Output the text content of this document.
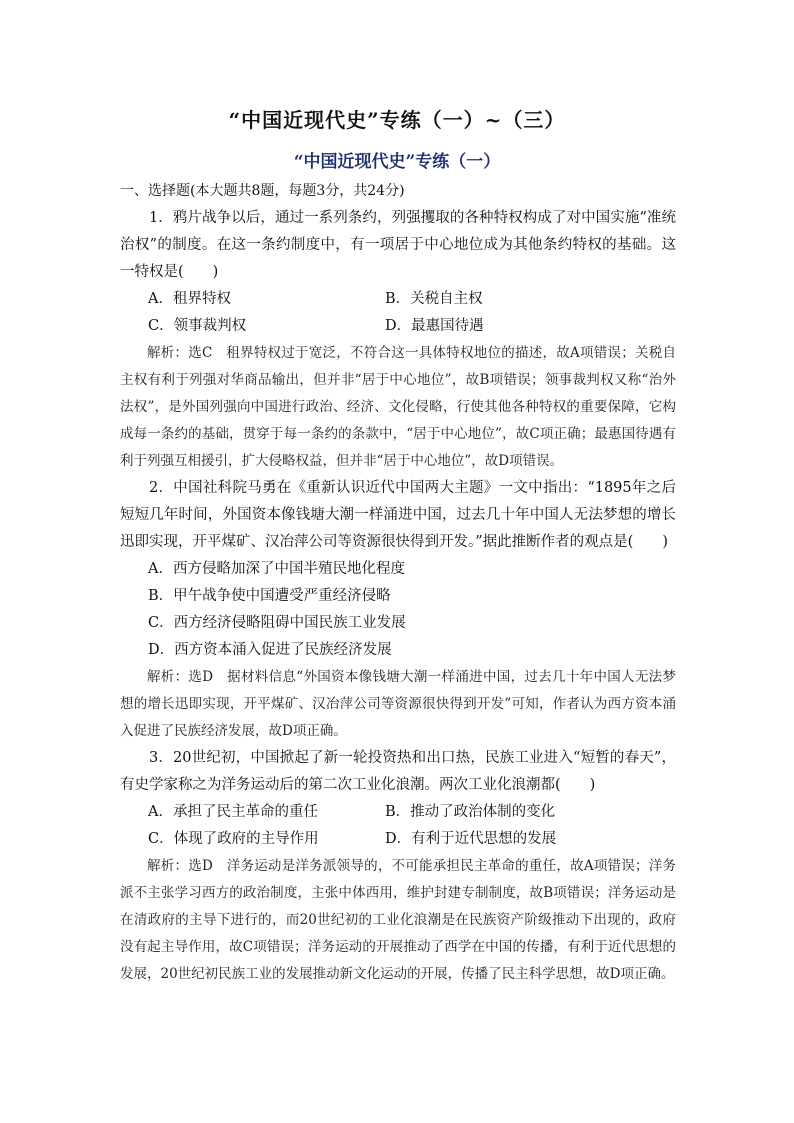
“中国近现代史”专练（一）~（三）
“中国近现代史”专练（一）

一、选择题(本大题共8题，每题3分，共24分)

1．鸦片战争以后，通过一系列条约，列强攫取的各种特权构成了对中国实施“准统治权”的制度。在这一条约制度中，有一项居于中心地位成为其他条约特权的基础。这一特权是(　　)

A．租界特权	B．关税自主权
C．领事裁判权	D．最惠国待遇

解析：选C　租界特权过于宽泛，不符合这一具体特权地位的描述，故A项错误；关税自主权有利于列强对华商品输出，但并非“居于中心地位”，故B项错误；领事裁判权又称“治外法权”，是外国列强向中国进行政治、经济、文化侵略，行使其他各种特权的重要保障，它构成每一条约的基础，贯穿于每一条约的条款中，“居于中心地位”，故C项正确；最惠国待遇有利于列强互相援引，扩大侵略权益，但并非“居于中心地位”，故D项错误。

2．中国社科院马勇在《重新认识近代中国两大主题》一文中指出：“1895年之后短短几年时间，外国资本像钱塘大潮一样涌进中国，过去几十年中国人无法梦想的增长迅即实现，开平煤矿、汉冶萍公司等资源很快得到开发。”据此推断作者的观点是(　　)

A．西方侵略加深了中国半殖民地化程度

B．甲午战争使中国遭受严重经济侵略

C．西方经济侵略阻碍中国民族工业发展

D．西方资本涌入促进了民族经济发展

解析：选D　据材料信息“外国资本像钱塘大潮一样涌进中国，过去几十年中国人无法梦想的增长迅即实现，开平煤矿、汉冶萍公司等资源很快得到开发”可知，作者认为西方资本涌入促进了民族经济发展，故D项正确。

3．20世纪初，中国掀起了新一轮投资热和出口热，民族工业进入“短暂的春天”，有史学家称之为洋务运动后的第二次工业化浪潮。两次工业化浪潮都(　　)

A．承担了民主革命的重任	B．推动了政治体制的变化
C．体现了政府的主导作用	D．有利于近代思想的发展

解析：选D　洋务运动是洋务派领导的，不可能承担民主革命的重任，故A项错误；洋务派不主张学习西方的政治制度，主张中体西用，维护封建专制制度，故B项错误；洋务运动是在清政府的主导下进行的，而20世纪初的工业化浪潮是在民族资产阶级推动下出现的，政府没有起主导作用，故C项错误；洋务运动的开展推动了西学在中国的传播，有利于近代思想的发展，20世纪初民族工业的发展推动新文化运动的开展，传播了民主科学思想，故D项正确。
